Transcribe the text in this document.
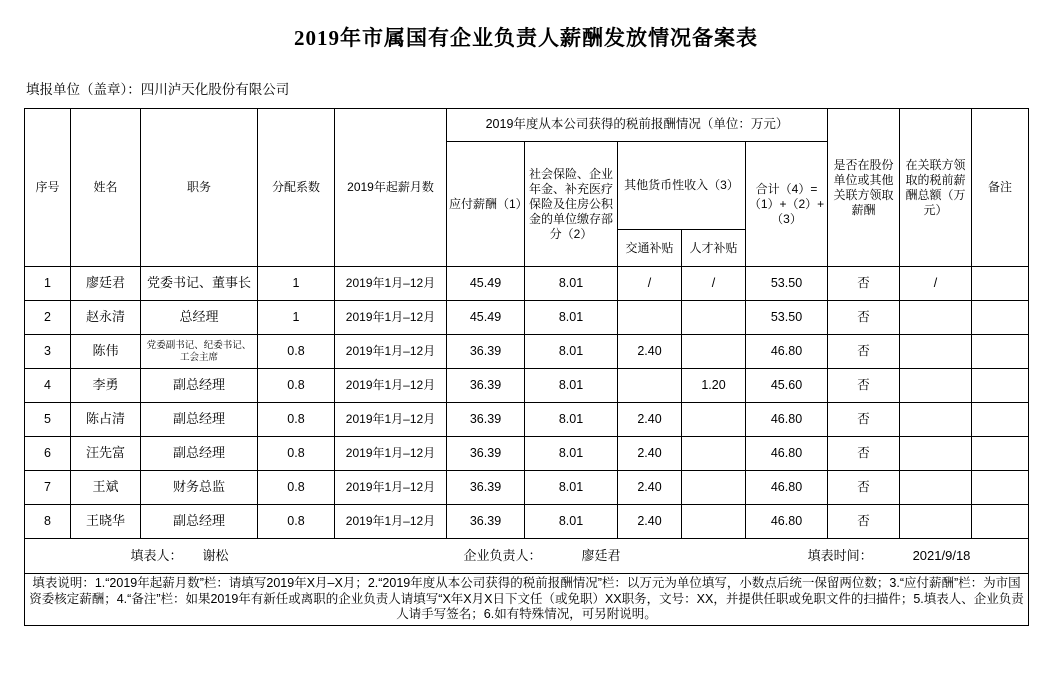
2019年市属国有企业负责人薪酬发放情况备案表
填报单位（盖章）：四川泸天化股份有限公司
序号	姓名	职务	分配系数	2019年起薪月数	2019年度从本公司获得的税前报酬情况（单位：万元）					是否在股份单位或其他关联方领取薪酬	在关联方领取的税前薪酬总额（万元）	备注
					应付薪酬（1）	社会保险、企业年金、补充医疗保险及住房公积金的单位缴存部分（2）	其他货币性收入（3）		合计（4）=（1）+（2）+（3）			

							交通补贴	人才补贴				
1	廖廷君	党委书记、董事长	1	2019年1月–12月	45.49	8.01	/	/	53.50	否	/	
2	赵永清	总经理	1	2019年1月–12月	45.49	8.01			53.50	否		
3	陈伟	党委副书记、纪委书记、工会主席	0.8	2019年1月–12月	36.39	8.01	2.40		46.80	否		
4	李勇	副总经理	0.8	2019年1月–12月	36.39	8.01		1.20	45.60	否		
5	陈占清	副总经理	0.8	2019年1月–12月	36.39	8.01	2.40		46.80	否		
6	汪先富	副总经理	0.8	2019年1月–12月	36.39	8.01	2.40		46.80	否		
7	王斌	财务总监	0.8	2019年1月–12月	36.39	8.01	2.40		46.80	否		
8	王晓华	副总经理	0.8	2019年1月–12月	36.39	8.01	2.40		46.80	否		

填表人： 谢松 企业负责人： 廖廷君 填表时间： 2021/9/18												

填表说明：1.“2019年起薪月数”栏：请填写2019年X月–X月；2.“2019年度从本公司获得的税前报酬情况”栏：以万元为单位填写，小数点后统一保留两位数；3.“应付薪酬”栏：为市国资委核定薪酬；4.“备注”栏：如果2019年有新任或离职的企业负责人请填写“X年X月X日下文任（或免职）XX职务，文号：XX，并提供任职或免职文件的扫描件；5.填表人、企业负责人请手写签名；6.如有特殊情况，可另附说明。												
